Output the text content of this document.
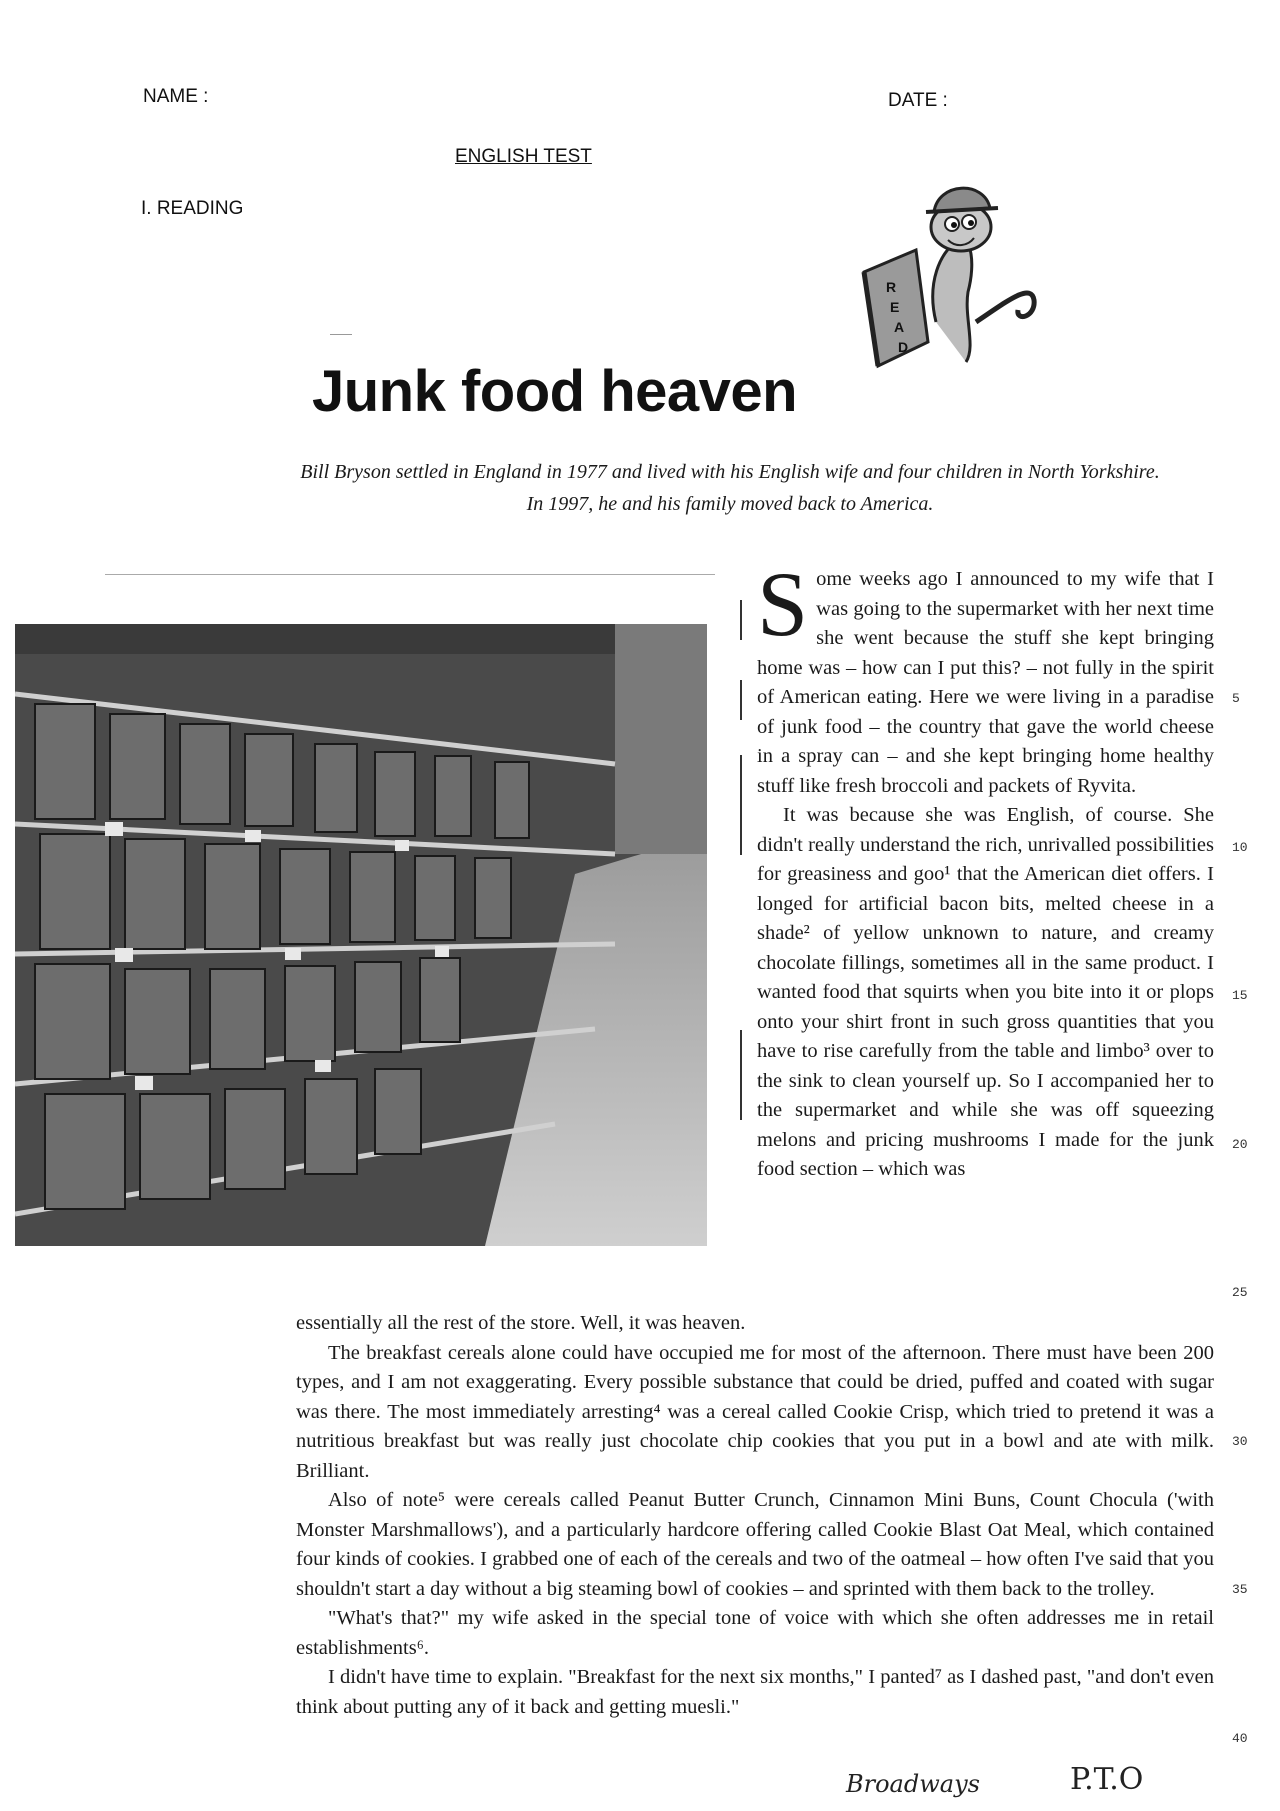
NAME :	DATE :
ENGLISH TEST
I. READING
R
E
A
D
Junk food heaven
Bill Bryson settled in England in 1977 and lived with his English wife and four children in North Yorkshire. In 1997, he and his family moved back to America.

Some weeks ago I announced to my wife that I was going to the supermarket with her next time she went because the stuff she kept bringing home was – how can I put this? – not fully in the spirit of American eating. Here we were living in a paradise of junk food – the country that gave the world cheese in a spray can – and she kept bringing home healthy stuff like fresh broccoli and packets of Ryvita.

It was because she was English, of course. She didn't really understand the rich, unrivalled possibilities for greasiness and goo¹ that the American diet offers. I longed for artificial bacon bits, melted cheese in a shade² of yellow unknown to nature, and creamy chocolate fillings, sometimes all in the same product. I wanted food that squirts when you bite into it or plops onto your shirt front in such gross quantities that you have to rise carefully from the table and limbo³ over to the sink to clean yourself up. So I accompanied her to the supermarket and while she was off squeezing melons and pricing mushrooms I made for the junk food section – which was

essentially all the rest of the store. Well, it was heaven.

The breakfast cereals alone could have occupied me for most of the afternoon. There must have been 200 types, and I am not exaggerating. Every possible substance that could be dried, puffed and coated with sugar was there. The most immediately arresting⁴ was a cereal called Cookie Crisp, which tried to pretend it was a nutritious breakfast but was really just chocolate chip cookies that you put in a bowl and ate with milk. Brilliant.

Also of note⁵ were cereals called Peanut Butter Crunch, Cinnamon Mini Buns, Count Chocula ('with Monster Marshmallows'), and a particularly hardcore offering called Cookie Blast Oat Meal, which contained four kinds of cookies. I grabbed one of each of the cereals and two of the oatmeal – how often I've said that you shouldn't start a day without a big steaming bowl of cookies – and sprinted with them back to the trolley.

"What's that?" my wife asked in the special tone of voice with which she often addresses me in retail establishments⁶.

I didn't have time to explain. "Breakfast for the next six months," I panted⁷ as I dashed past, "and don't even think about putting any of it back and getting muesli."

5
10
15
20
25
30
35
40
Broadways	P.T.O
